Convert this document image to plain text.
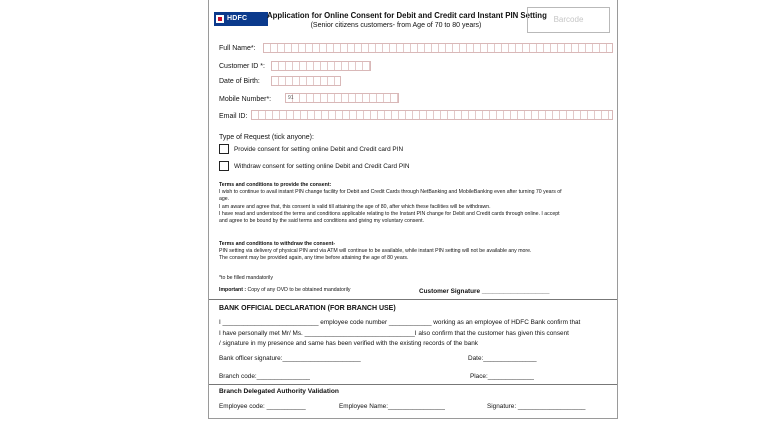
HDFC BANK
Application for Online Consent for Debit and Credit card Instant PIN Setting
(Senior citizens customers- from Age of 70 to 80 years)
Barcode
Full Name*:
Customer ID *:
Date of Birth:
Mobile Number*:	91
Email ID:
Type of Request (tick anyone):
Provide consent for setting online Debit and Credit card PIN
Withdraw consent for setting online Debit and Credit Card PIN
Terms and conditions to provide the consent:
I wish to continue to avail instant PIN change facility for Debit and Credit Cards through NetBanking and MobileBanking even after turning 70 years of
age.
I am aware and agree that, this consent is valid till attaining the age of 80, after which these facilities will be withdrawn.
I have read and understood the terms and conditions applicable relating to the Instant PIN change for Debit and Credit cards through online. I accept
and agree to be bound by the said terms and conditions and giving my voluntary consent.
Terms and conditions to withdraw the consent-
PIN setting via delivery of physical PIN and via ATM will continue to be available, while instant PIN setting will not be available any more.
The consent may be provided again, any time before attaining the age of 80 years.
*to be filled mandatorily
Important : Copy of any OVD to be obtained mandatorily	Customer Signature ___________________
BANK OFFICIAL DECLARATION (FOR BRANCH USE)
I ___________________________ employee code number ____________ working as an employee of HDFC Bank confirm that
I have personally met Mr/ Ms. _______________________________I also confirm that the customer has given this consent
/ signature in my presence and same has been verified with the existing records of the bank
Bank officer signature:______________________	Date:_______________
Branch code:_______________	Place:_____________
Branch Delegated Authority Validation
Employee code: ___________	Employee Name:________________	Signature: ___________________
